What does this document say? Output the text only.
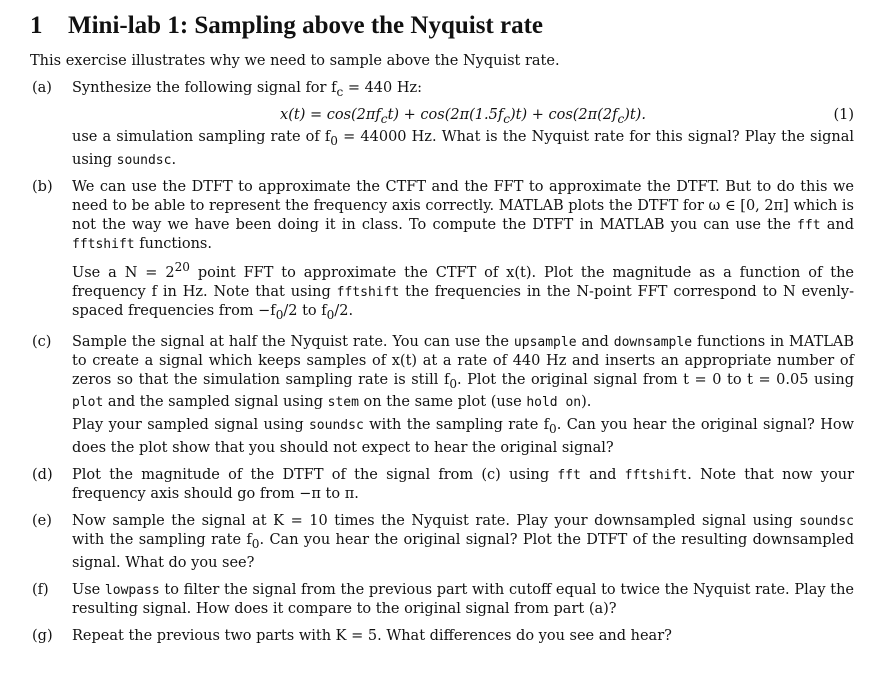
1 Mini-lab 1: Sampling above the Nyquist rate
This exercise illustrates why we need to sample above the Nyquist rate.
(a)	Synthesize the following signal for $f_c = 440$ Hz:
$x(t) = \cos(2\pi f_ct) + \cos(2\pi(1.5f_c)t) + \cos(2\pi(2f_c)t)$.	(1)
use a simulation sampling rate of $f_0 = 44000$ Hz. What is the Nyquist rate for this signal? Play the signal using soundsc.
(b)	We can use the DTFT to approximate the CTFT and the FFT to approximate the DTFT. But to do this we need to be able to represent the frequency axis correctly. MATLAB plots the DTFT for ω ∈ [0, 2π] which is not the way we have been doing it in class. To compute the DTFT in MATLAB you can use the fft and fftshift functions.
Use a $N = 2^{20}$ point FFT to approximate the CTFT of x(t). Plot the magnitude as a function of the frequency f in Hz. Note that using fftshift the frequencies in the N-point FFT correspond to N evenly-spaced frequencies from $-f_0/2$ to $f_0/2$.
(c)	Sample the signal at half the Nyquist rate. You can use the upsample and downsample functions in MATLAB to create a signal which keeps samples of x(t) at a rate of 440 Hz and inserts an appropriate number of zeros so that the simulation sampling rate is still $f_0$. Plot the original signal from t = 0 to t = 0.05 using plot and the sampled signal using stem on the same plot (use hold on).
Play your sampled signal using soundsc with the sampling rate $f_0$. Can you hear the original signal? How does the plot show that you should not expect to hear the original signal?
(d)	Plot the magnitude of the DTFT of the signal from (c) using fft and fftshift. Note that now your frequency axis should go from −π to π.
(e)	Now sample the signal at K = 10 times the Nyquist rate. Play your downsampled signal using soundsc with the sampling rate $f_0$. Can you hear the original signal? Plot the DTFT of the resulting downsampled signal. What do you see?
(f)	Use lowpass to filter the signal from the previous part with cutoff equal to twice the Nyquist rate. Play the resulting signal. How does it compare to the original signal from part (a)?
(g)	Repeat the previous two parts with K = 5. What differences do you see and hear?
